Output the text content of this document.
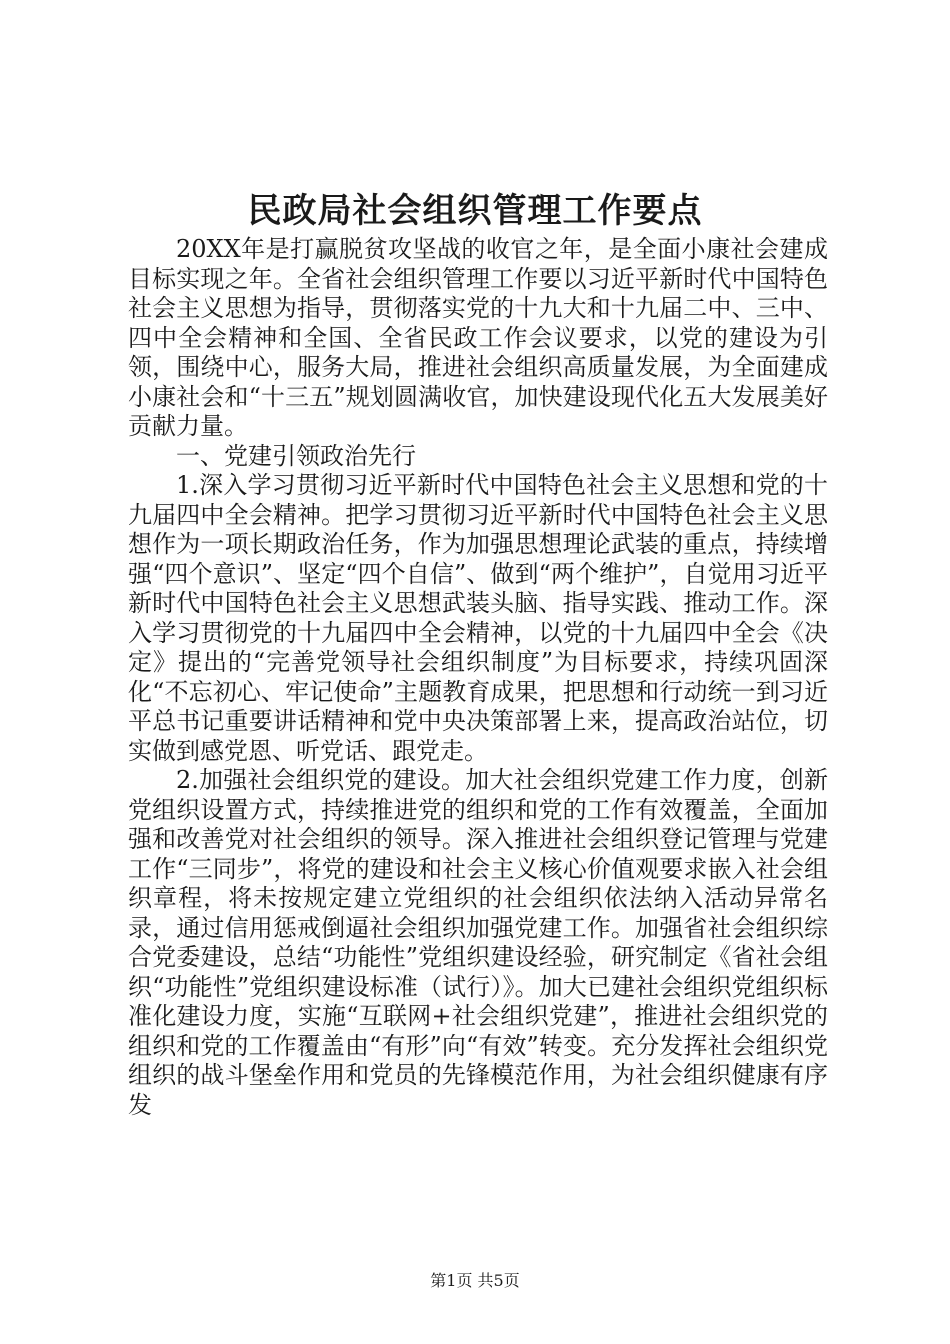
民政局社会组织管理工作要点

20XX年是打赢脱贫攻坚战的收官之年，是全面小康社会建成目标实现之年。全省社会组织管理工作要以习近平新时代中国特色社会主义思想为指导，贯彻落实党的十九大和十九届二中、三中、四中全会精神和全国、全省民政工作会议要求，以党的建设为引领，围绕中心，服务大局，推进社会组织高质量发展，为全面建成小康社会和“十三五”规划圆满收官，加快建设现代化五大发展美好贡献力量。

一、党建引领政治先行

1.深入学习贯彻习近平新时代中国特色社会主义思想和党的十九届四中全会精神。把学习贯彻习近平新时代中国特色社会主义思想作为一项长期政治任务，作为加强思想理论武装的重点，持续增强“四个意识”、坚定“四个自信”、做到“两个维护”，自觉用习近平新时代中国特色社会主义思想武装头脑、指导实践、推动工作。深入学习贯彻党的十九届四中全会精神，以党的十九届四中全会《决定》提出的“完善党领导社会组织制度”为目标要求，持续巩固深化“不忘初心、牢记使命”主题教育成果，把思想和行动统一到习近平总书记重要讲话精神和党中央决策部署上来，提高政治站位，切实做到感党恩、听党话、跟党走。

2.加强社会组织党的建设。加大社会组织党建工作力度，创新党组织设置方式，持续推进党的组织和党的工作有效覆盖，全面加强和改善党对社会组织的领导。深入推进社会组织登记管理与党建工作“三同步”，将党的建设和社会主义核心价值观要求嵌入社会组织章程，将未按规定建立党组织的社会组织依法纳入活动异常名录，通过信用惩戒倒逼社会组织加强党建工作。加强省社会组织综合党委建设，总结“功能性”党组织建设经验，研究制定《省社会组织“功能性”党组织建设标准（试行）》。加大已建社会组织党组织标准化建设力度，实施“互联网+社会组织党建”，推进社会组织党的组织和党的工作覆盖由“有形”向“有效”转变。充分发挥社会组织党组织的战斗堡垒作用和党员的先锋模范作用，为社会组织健康有序发

第1页 共5页
